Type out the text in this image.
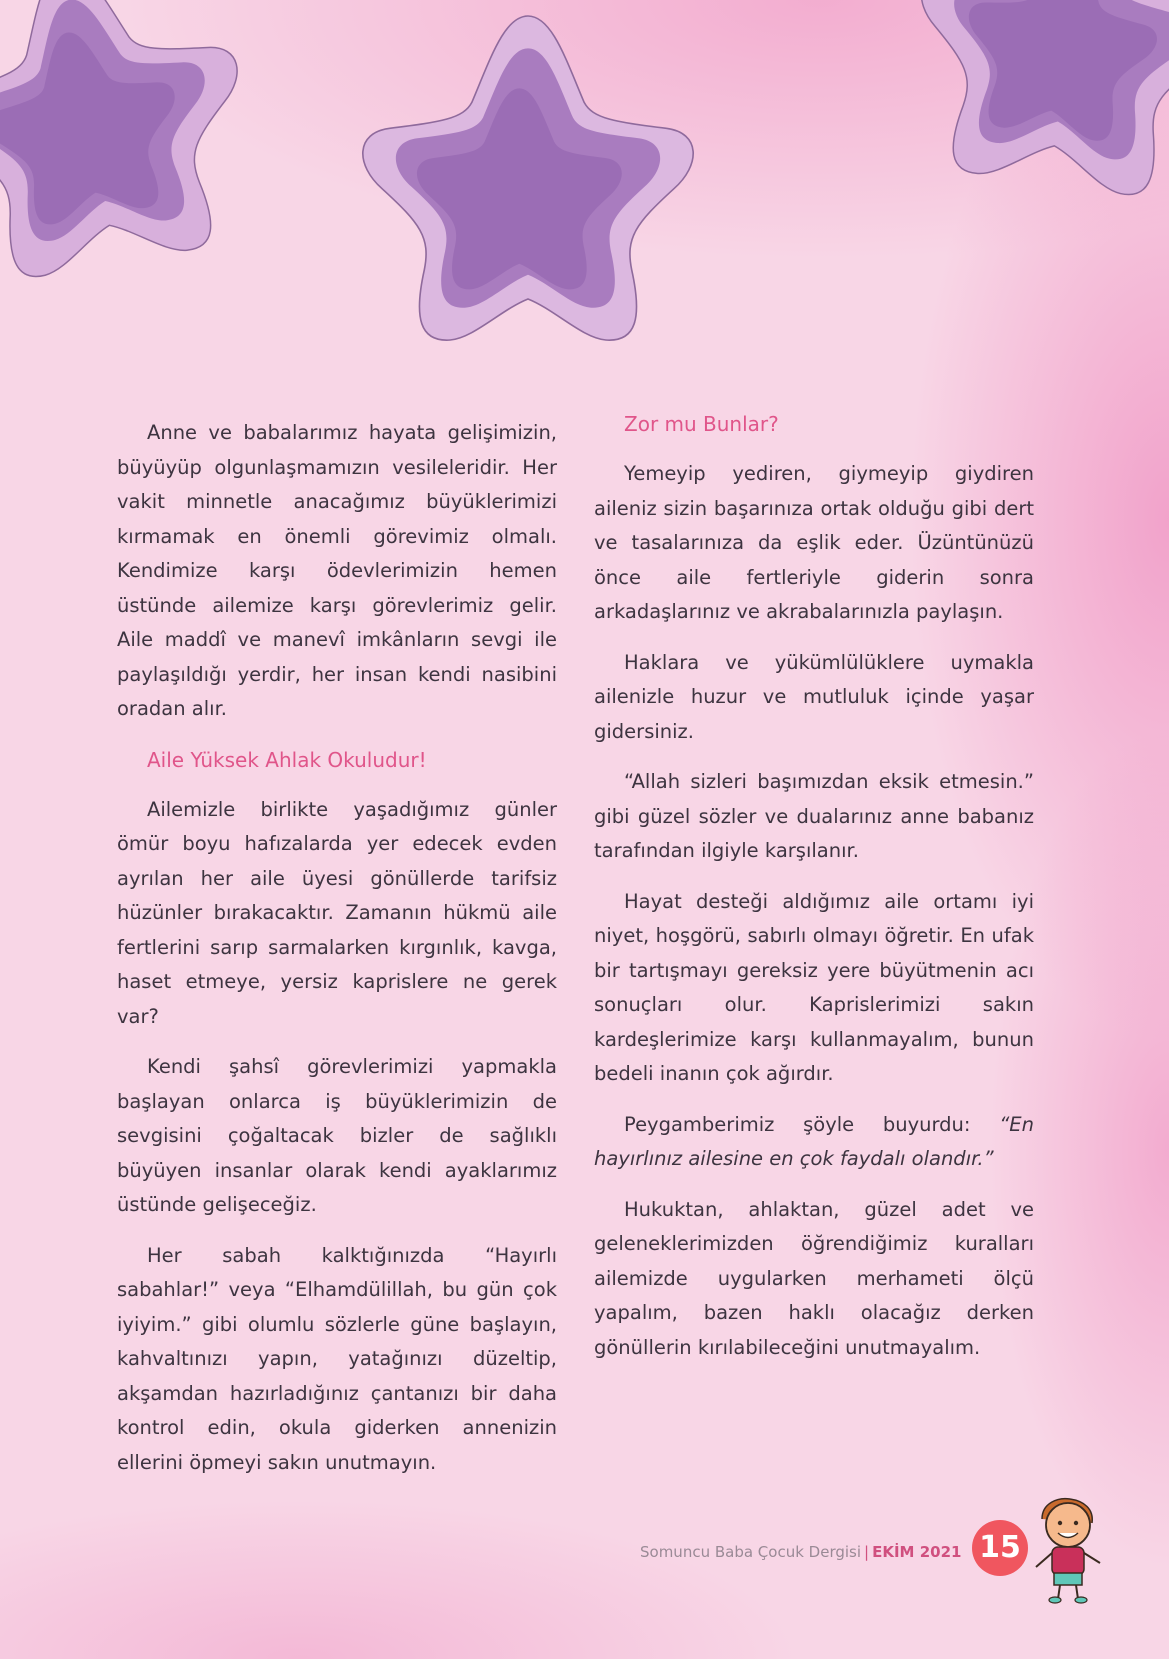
Anne ve babalarımız hayata gelişimizin, büyüyüp olgunlaşmamızın vesileleridir. Her vakit minnetle anacağımız büyüklerimizi kırmamak en önemli görevimiz olmalı. Kendimize karşı ödevlerimizin hemen üstünde ailemize karşı görevlerimiz gelir. Aile maddî ve manevî imkânların sevgi ile paylaşıldığı yerdir, her insan kendi nasibini oradan alır.

Aile Yüksek Ahlak Okuludur!

Ailemizle birlikte yaşadığımız günler ömür boyu hafızalarda yer edecek evden ayrılan her aile üyesi gönüllerde tarifsiz hüzünler bırakacaktır. Zamanın hükmü aile fertlerini sarıp sarmalarken kırgınlık, kavga, haset etmeye, yersiz kaprislere ne gerek var?

Kendi şahsî görevlerimizi yapmakla başlayan onlarca iş büyüklerimizin de sevgisini çoğaltacak bizler de sağlıklı büyüyen insanlar olarak kendi ayaklarımız üstünde gelişeceğiz.

Her sabah kalktığınızda “Hayırlı sabahlar!” veya “Elhamdülillah, bu gün çok iyiyim.” gibi olumlu sözlerle güne başlayın, kahvaltınızı yapın, yatağınızı düzeltip, akşamdan hazırladığınız çantanızı bir daha kontrol edin, okula giderken annenizin ellerini öpmeyi sakın unutmayın.

Zor mu Bunlar?

Yemeyip yediren, giymeyip giydiren aileniz sizin başarınıza ortak olduğu gibi dert ve tasalarınıza da eşlik eder. Üzüntünüzü önce aile fertleriyle giderin sonra arkadaşlarınız ve akrabalarınızla paylaşın.

Haklara ve yükümlülüklere uymakla ailenizle huzur ve mutluluk içinde yaşar gidersiniz.

“Allah sizleri başımızdan eksik etmesin.” gibi güzel sözler ve dualarınız anne babanız tarafından ilgiyle karşılanır.

Hayat desteği aldığımız aile ortamı iyi niyet, hoşgörü, sabırlı olmayı öğretir. En ufak bir tartışmayı gereksiz yere büyütmenin acı sonuçları olur. Kaprislerimizi sakın kardeşlerimize karşı kullanmayalım, bunun bedeli inanın çok ağırdır.

Peygamberimiz şöyle buyurdu: “En hayırlınız ailesine en çok faydalı olandır.”

Hukuktan, ahlaktan, güzel adet ve geleneklerimizden öğrendiğimiz kuralları ailemizde uygularken merhameti ölçü yapalım, bazen haklı olacağız derken gönüllerin kırılabileceğini unutmayalım.

Somuncu Baba Çocuk Dergisi | EKİM 2021 15
